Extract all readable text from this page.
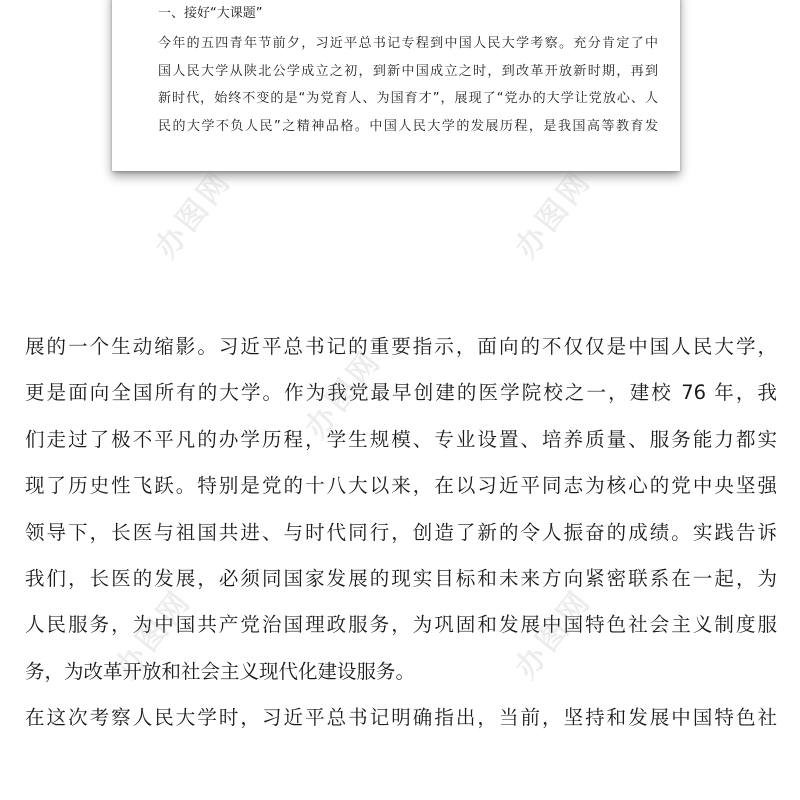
一、接好“大课题”
今年的五四青年节前夕，习近平总书记专程到中国人民大学考察。充分肯定了中
国人民大学从陕北公学成立之初，到新中国成立之时，到改革开放新时期，再到
新时代，始终不变的是“为党育人、为国育才”，展现了“党办的大学让党放心、人
民的大学不负人民”之精神品格。中国人民大学的发展历程，是我国高等教育发
展的一个生动缩影。习近平总书记的重要指示，面向的不仅仅是中国人民大学，
更是面向全国所有的大学。作为我党最早创建的医学院校之一，建校 76 年，我
们走过了极不平凡的办学历程，学生规模、专业设置、培养质量、服务能力都实
现了历史性飞跃。特别是党的十八大以来，在以习近平同志为核心的党中央坚强
领导下，长医与祖国共进、与时代同行，创造了新的令人振奋的成绩。实践告诉
我们，长医的发展，必须同国家发展的现实目标和未来方向紧密联系在一起，为
人民服务，为中国共产党治国理政服务，为巩固和发展中国特色社会主义制度服
务，为改革开放和社会主义现代化建设服务。
在这次考察人民大学时，习近平总书记明确指出，当前，坚持和发展中国特色社
办图网	办图网
办图网
办图网	办图网
